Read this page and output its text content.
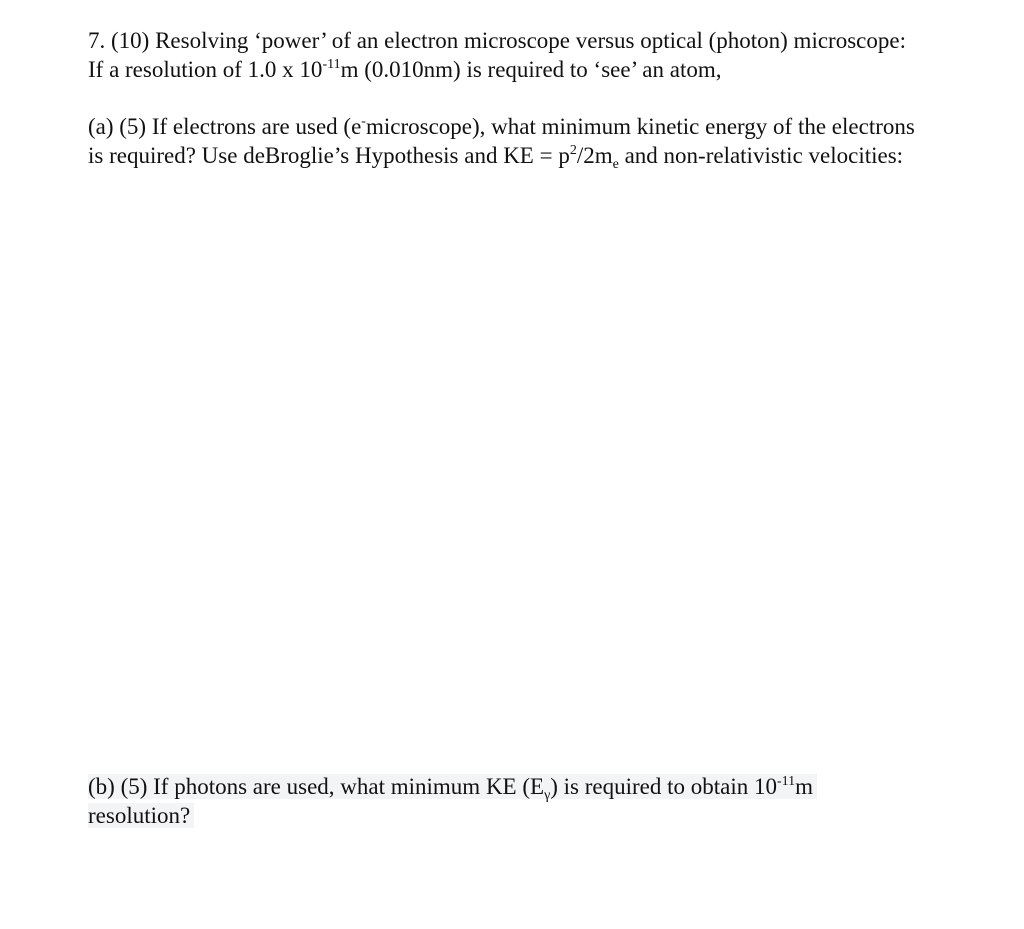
7. (10) Resolving ‘power’ of an electron microscope versus optical (photon) microscope:
If a resolution of 1.0 x $10^{-11}m$ (0.010nm) is required to ‘see’ an atom,
(a) (5) If electrons are used (e-microscope), what minimum kinetic energy of the electrons
is required? Use deBroglie’s Hypothesis and KE = $p^2/2m_e$ and non-relativistic velocities:
(b) (5) If photons are used, what minimum KE $(E_\gamma)$ is required to obtain $10^{-11}m$
resolution?
